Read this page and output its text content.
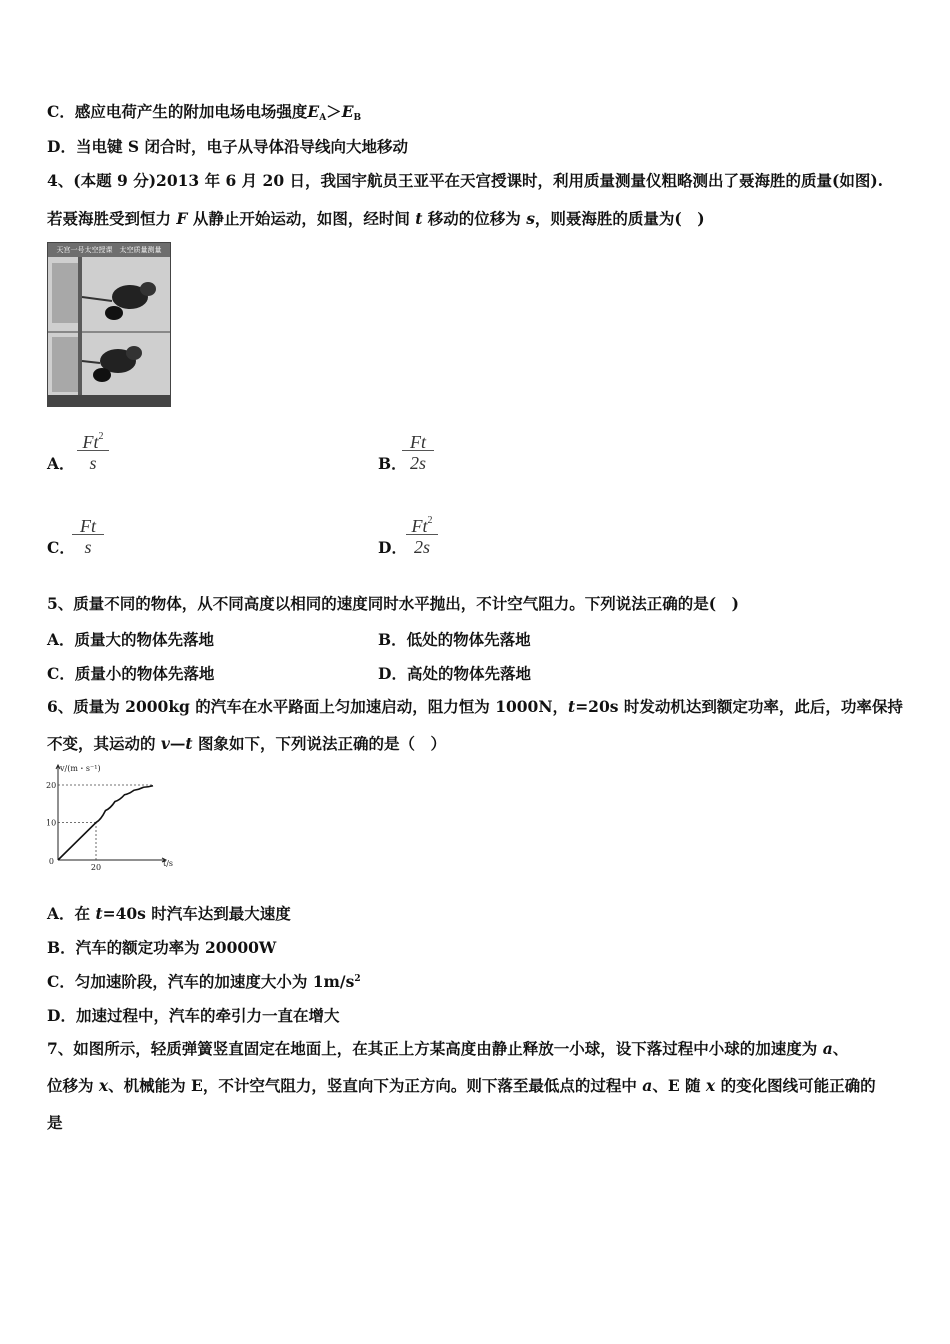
C．感应电荷产生的附加电场电场强度$E_A>E_B$
D．当电键 S 闭合时，电子从导体沿导线向大地移动
4、(本题 9 分)2013 年 6 月 20 日，我国宇航员王亚平在天宫授课时，利用质量测量仪粗略测出了聂海胜的质量(如图).
若聂海胜受到恒力 F 从静止开始运动，如图，经时间 t 移动的位移为 s，则聂海胜的质量为(　)
天宫一号太空授课　太空质量测量
A．
Ft$^2$
s	B．
Ft
2s
C．
Ft
s	D．
Ft$^2$
2s
5、质量不同的物体，从不同高度以相同的速度同时水平抛出，不计空气阻力。下列说法正确的是(　)
A．质量大的物体先落地	B．低处的物体先落地
C．质量小的物体先落地	D．高处的物体先落地
6、质量为 2000kg 的汽车在水平路面上匀加速启动，阻力恒为 1000N，t=20s 时发动机达到额定功率，此后，功率保持
不变，其运动的 v—t 图象如下，下列说法正确的是（　）
20
10
0
20
v/(m・s⁻¹)
t/s
A．在 t=40s 时汽车达到最大速度
B．汽车的额定功率为 20000W
C．匀加速阶段，汽车的加速度大小为 $1m/s^2$
D．加速过程中，汽车的牵引力一直在增大
7、如图所示，轻质弹簧竖直固定在地面上，在其正上方某高度由静止释放一小球，设下落过程中小球的加速度为 a、
位移为 x、机械能为 E，不计空气阻力，竖直向下为正方向。则下落至最低点的过程中 a、E 随 x 的变化图线可能正确的
是
